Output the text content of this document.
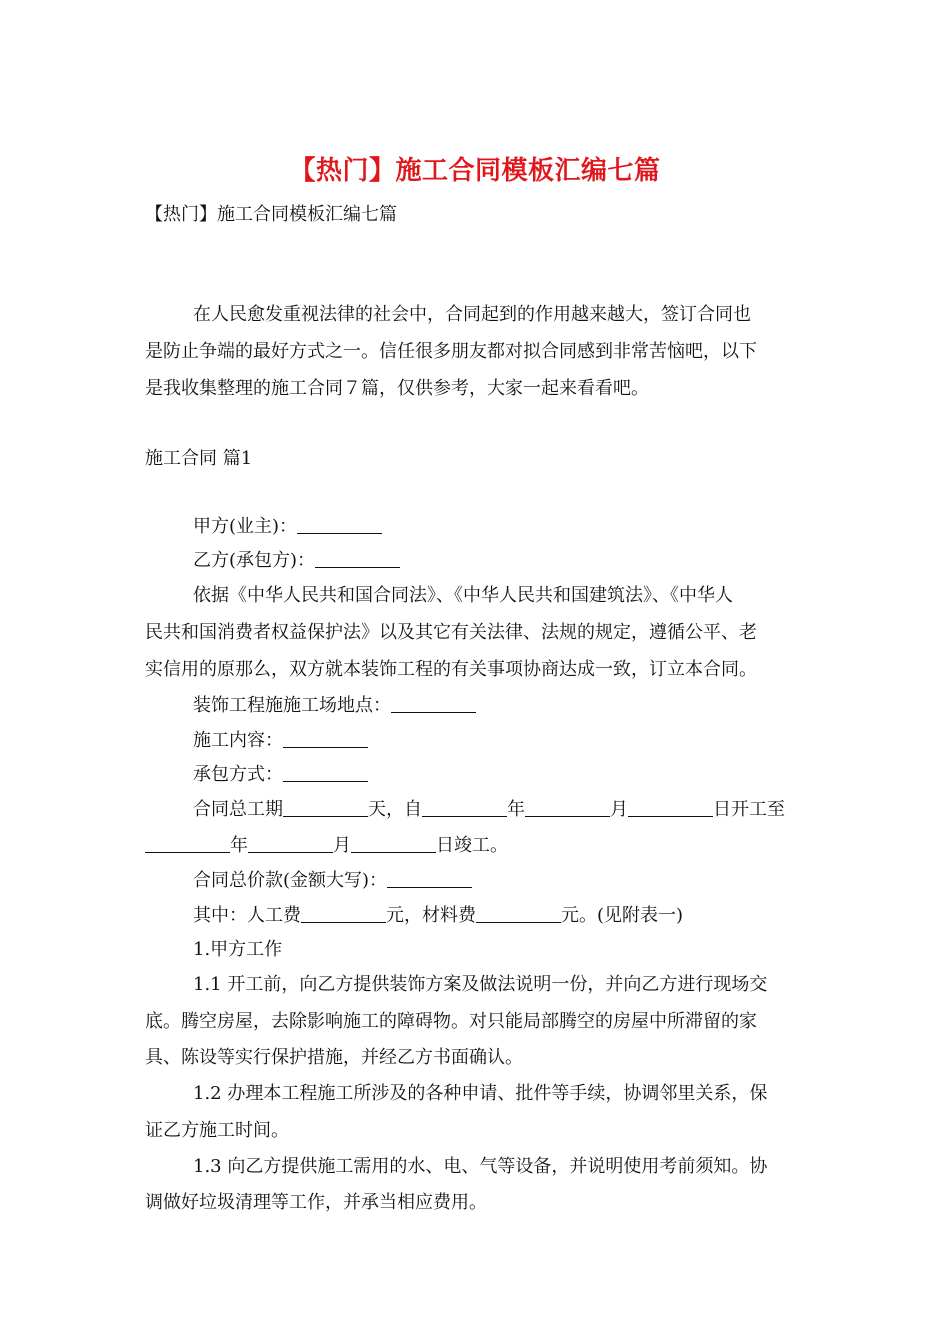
【热门】施工合同模板汇编七篇
【热门】施工合同模板汇编七篇
在人民愈发重视法律的社会中，合同起到的作用越来越大，签订合同也
是防止争端的最好方式之一。信任很多朋友都对拟合同感到非常苦恼吧，以下
是我收集整理的施工合同７篇，仅供参考，大家一起来看看吧。
施工合同 篇1
甲方(业主)：
乙方(承包方)：
依据《中华人民共和国合同法》、《中华人民共和国建筑法》、《中华人
民共和国消费者权益保护法》以及其它有关法律、法规的规定，遵循公平、老
实信用的原那么，双方就本装饰工程的有关事项协商达成一致，订立本合同。
装饰工程施施工场地点：
施工内容：
承包方式：
合同总工期	天，自	年	月	日开工至
年	月	日竣工。
合同总价款(金额大写)：
其中：人工费	元，材料费	元。(见附表一)
1.甲方工作
1.1 开工前，向乙方提供装饰方案及做法说明一份，并向乙方进行现场交
底。腾空房屋，去除影响施工的障碍物。对只能局部腾空的房屋中所滞留的家
具、陈设等实行保护措施，并经乙方书面确认。
1.2 办理本工程施工所涉及的各种申请、批件等手续，协调邻里关系，保
证乙方施工时间。
1.3 向乙方提供施工需用的水、电、气等设备，并说明使用考前须知。协
调做好垃圾清理等工作，并承当相应费用。
